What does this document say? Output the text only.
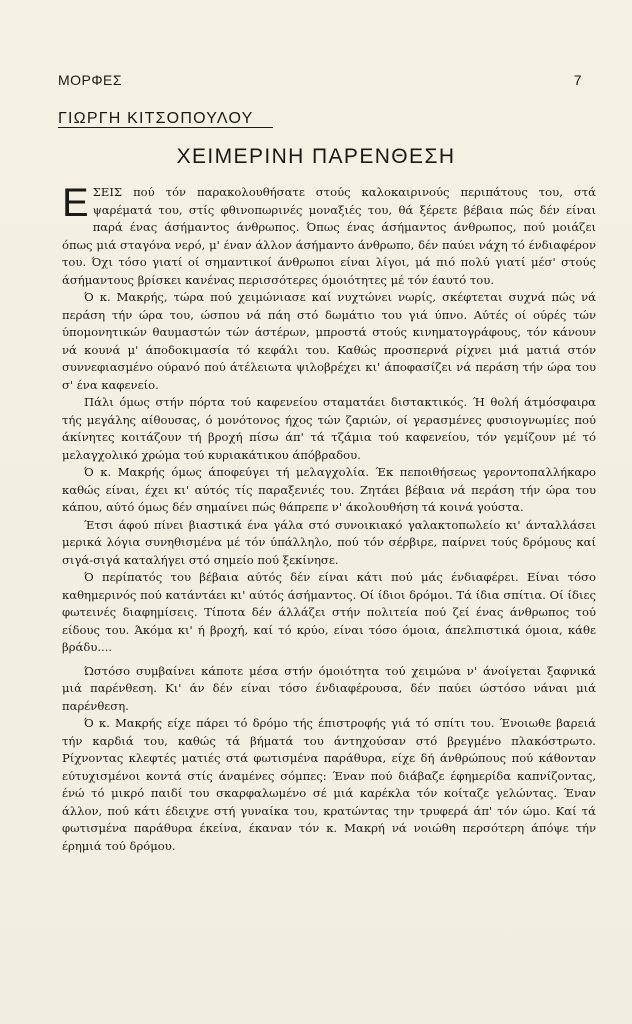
ΜΟΡΦΕΣ	7
ΓΙΩΡΓΗ ΚΙΤΣΟΠΟΥΛΟΥ
ΧΕΙΜΕΡΙΝΗ ΠΑΡΕΝΘΕΣΗ

ΕΣΕΙΣ πού τόν παρακολουθήσατε στούς καλοκαιρινούς περιπάτους του, στά ψαρέματά του, στίς φθινοπωρινές μοναξιές του, θά ξέρετε βέβαια πώς δέν είναι παρά ένας άσήμαντος άνθρωπος. Όπως ένας άσήμαντος άνθρωπος, πού μοιάζει όπως μιά σταγόνα νερό, μ' έναν άλλον άσήμαντο άνθρωπο, δέν παύει νάχη τό ένδιαφέρον του. Όχι τόσο γιατί οί σημαντικοί άνθρωποι είναι λίγοι, μά πιό πολύ γιατί μέσ' στούς άσήμαντους βρίσκει κανένας περισσότερες όμοιότητες μέ τόν έαυτό του.

Ό κ. Μακρής, τώρα πού χειμώνιασε καί νυχτώνει νωρίς, σκέφτεται συχνά πώς νά περάση τήν ώρα του, ώσπου νά πάη στό δωμάτιο του γιά ύπνο. Αύτές οί ούρές τών ύπομονητικών θαυμαστών τών άστέρων, μπροστά στούς κινηματογράφους, τόν κάνουν νά κουνά μ' άποδοκιμασία τό κεφάλι του. Καθώς προσπερνά ρίχνει μιά ματιά στόν συννεφιασμένο ούρανό πού άτέλειωτα ψιλοβρέχει κι' άποφασίζει νά περάση τήν ώρα του σ' ένα καφενείο.

Πάλι όμως στήν πόρτα τού καφενείου σταματάει διστακτικός. Ή θολή άτμόσφαιρα τής μεγάλης αίθουσας, ό μονότονος ήχος τών ζαριών, οί γερασμένες φυσιογνωμίες πού άκίνητες κοιτάζουν τή βροχή πίσω άπ' τά τζάμια τού καφενείου, τόν γεμίζουν μέ τό μελαγχολικό χρώμα τού κυριακάτικου άπόβραδου.

Ό κ. Μακρής όμως άποφεύγει τή μελαγχολία. Έκ πεποιθήσεως γεροντοπαλλήκαρο καθώς είναι, έχει κι' αύτός τίς παραξενιές του. Ζητάει βέβαια νά περάση τήν ώρα του κάπου, αύτό όμως δέν σημαίνει πώς θάπρεπε ν' άκολουθήση τά κοινά γούστα.

Έτσι άφού πίνει βιαστικά ένα γάλα στό συνοικιακό γαλακτοπωλείο κι' άνταλλάσει μερικά λόγια συνηθισμένα μέ τόν ύπάλληλο, πού τόν σέρβιρε, παίρνει τούς δρόμους καί σιγά-σιγά καταλήγει στό σημείο πού ξεκίνησε.

Ό περίπατός του βέβαια αύτός δέν είναι κάτι πού μάς ένδιαφέρει. Είναι τόσο καθημερινός πού κατάντάει κι' αύτός άσήμαντος. Οί ίδιοι δρόμοι. Τά ίδια σπίτια. Οί ίδιες φωτεινές διαφημίσεις. Τίποτα δέν άλλάζει στήν πολιτεία πού ζεί ένας άνθρωπος τού είδους του. Άκόμα κι' ή βροχή, καί τό κρύο, είναι τόσο όμοια, άπελπιστικά όμοια, κάθε βράδυ....

Ώστόσο συμβαίνει κάποτε μέσα στήν όμοιότητα τού χειμώνα ν' άνοίγεται ξαφνικά μιά παρένθεση. Κι' άν δέν είναι τόσο ένδιαφέρουσα, δέν παύει ώστόσο νάναι μιά παρένθεση.

Ό κ. Μακρής είχε πάρει τό δρόμο τής έπιστροφής γιά τό σπίτι του. Ένοιωθε βαρειά τήν καρδιά του, καθώς τά βήματά του άντηχούσαν στό βρεγμένο πλακόστρωτο. Ρίχνοντας κλεφτές ματιές στά φωτισμένα παράθυρα, είχε δή άνθρώπους πού κάθονταν εύτυχισμένοι κοντά στίς άναμένες σόμπες: Έναν πού διάβαζε έφημερίδα καπνίζοντας, ένώ τό μικρό παιδί του σκαρφαλωμένο σέ μιά καρέκλα τόν κοίταζε γελώντας. Έναν άλλον, πού κάτι έδειχνε στή γυναίκα του, κρατώντας την τρυφερά άπ' τόν ώμο. Καί τά φωτισμένα παράθυρα έκείνα, έκαναν τόν κ. Μακρή νά νοιώθη περσότερη άπόψε τήν έρημιά τού δρόμου.
